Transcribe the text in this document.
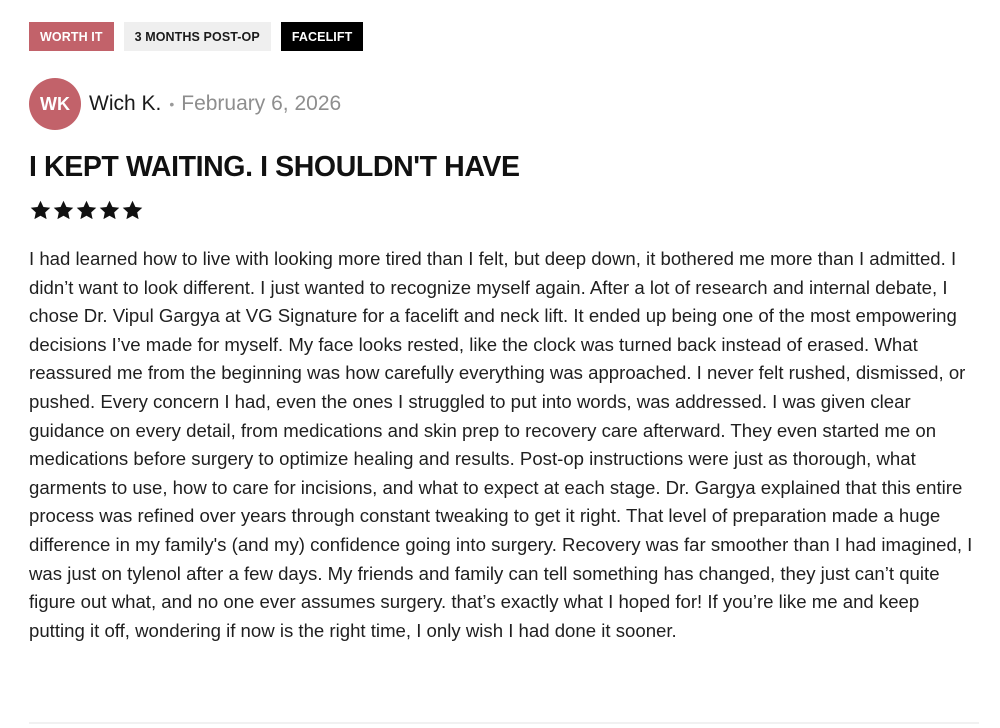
WORTH IT	3 MONTHS POST-OP	FACELIFT
WK Wich K. • February 6, 2026
I KEPT WAITING. I SHOULDN'T HAVE

I had learned how to live with looking more tired than I felt, but deep down, it bothered me more than I admitted. I didn’t want to look different. I just wanted to recognize myself again. After a lot of research and internal debate, I chose Dr. Vipul Gargya at VG Signature for a facelift and neck lift. It ended up being one of the most empowering decisions I’ve made for myself. My face looks rested, like the clock was turned back instead of erased. What reassured me from the beginning was how carefully everything was approached. I never felt rushed, dismissed, or pushed. Every concern I had, even the ones I struggled to put into words, was addressed. I was given clear guidance on every detail, from medications and skin prep to recovery care afterward. They even started me on medications before surgery to optimize healing and results. Post-op instructions were just as thorough, what garments to use, how to care for incisions, and what to expect at each stage. Dr. Gargya explained that this entire process was refined over years through constant tweaking to get it right. That level of preparation made a huge difference in my family's (and my) confidence going into surgery. Recovery was far smoother than I had imagined, I was just on tylenol after a few days. My friends and family can tell something has changed, they just can’t quite figure out what, and no one ever assumes surgery. that’s exactly what I hoped for! If you’re like me and keep putting it off, wondering if now is the right time, I only wish I had done it sooner.
